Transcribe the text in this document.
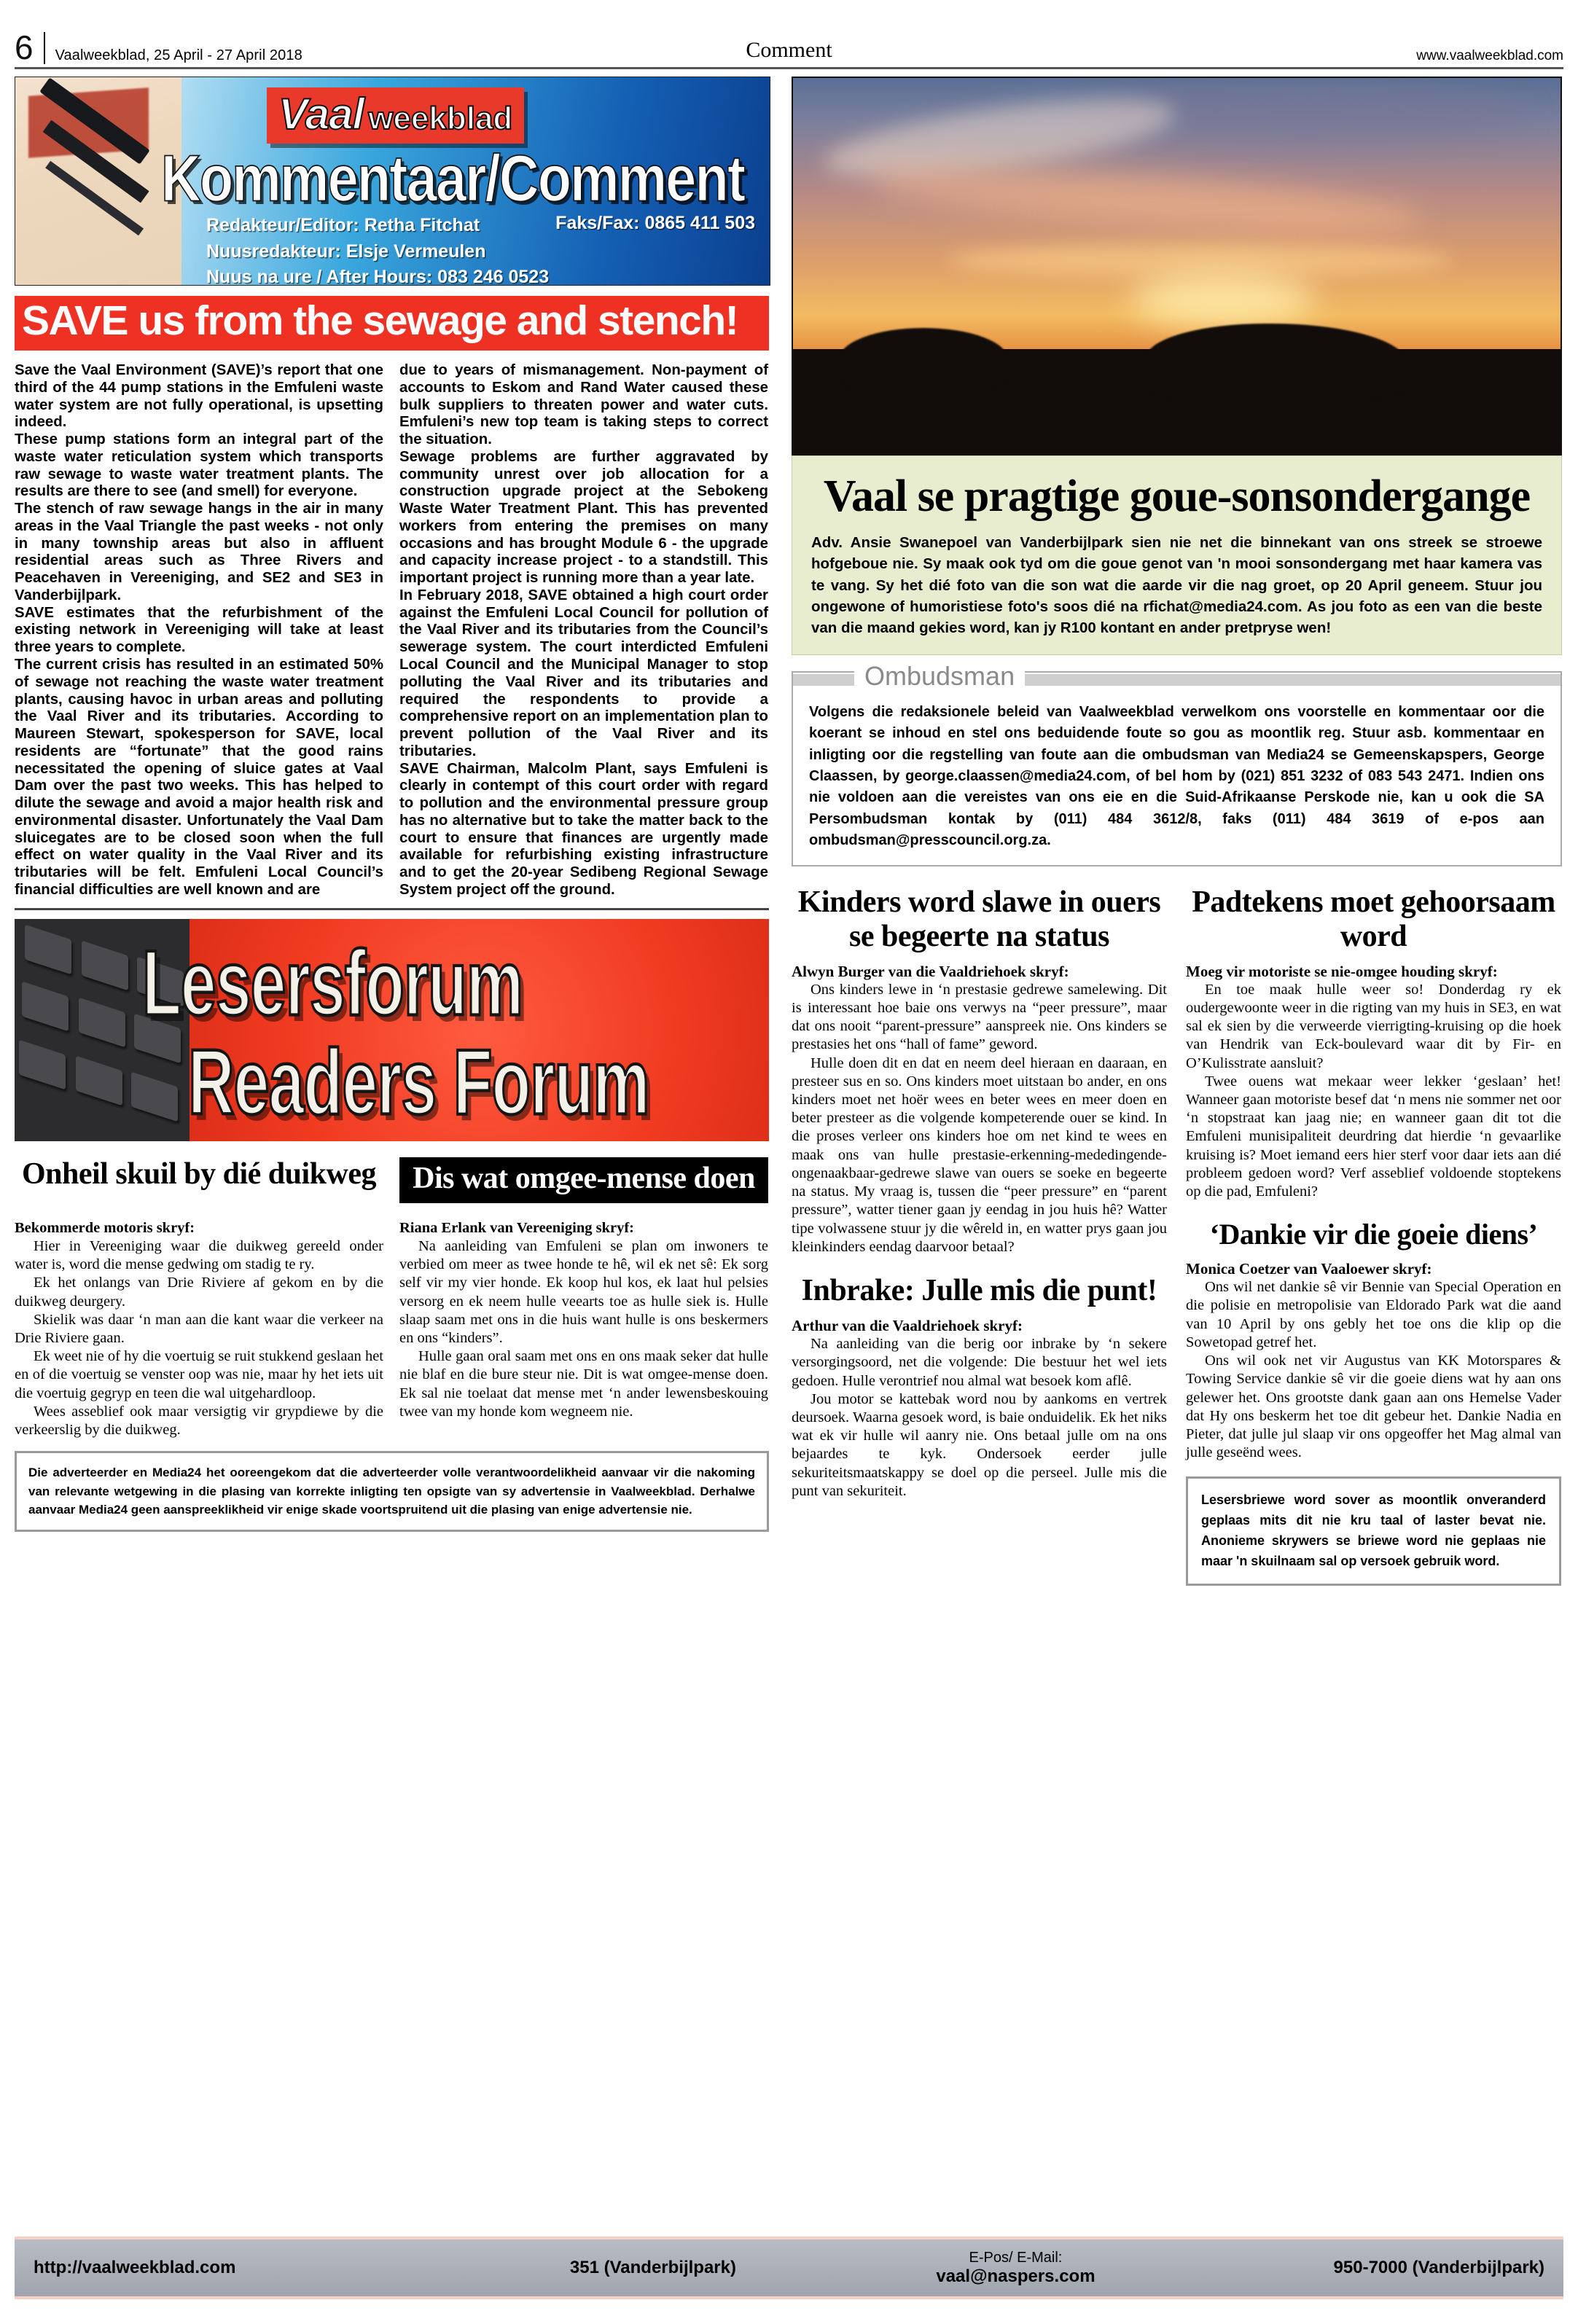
6	Vaalweekblad, 25 April - 27 April 2018	Comment	www.vaalweekblad.com
Vaal weekblad
Kommentaar/Comment
Redakteur/Editor: Retha Fitchat
Nuusredakteur: Elsje Vermeulen
Nuus na ure / After Hours: 083 246 0523
Faks/Fax: 0865 411 503
SAVE us from the sewage and stench!

Save the Vaal Environment (SAVE)’s report that one third of the 44 pump stations in the Emfuleni waste water system are not fully operational, is upsetting indeed.

These pump stations form an integral part of the waste water reticulation system which transports raw sewage to waste water treatment plants. The results are there to see (and smell) for everyone.

The stench of raw sewage hangs in the air in many areas in the Vaal Triangle the past weeks - not only in many township areas but also in affluent residential areas such as Three Rivers and Peacehaven in Vereeniging, and SE2 and SE3 in Vanderbijlpark.

SAVE estimates that the refurbishment of the existing network in Vereeniging will take at least three years to complete.

The current crisis has resulted in an estimated 50% of sewage not reaching the waste water treatment plants, causing havoc in urban areas and polluting the Vaal River and its tributaries. According to Maureen Stewart, spokesperson for SAVE, local residents are “fortunate” that the good rains necessitated the opening of sluice gates at Vaal Dam over the past two weeks. This has helped to dilute the sewage and avoid a major health risk and environmental disaster. Unfortunately the Vaal Dam sluicegates are to be closed soon when the full effect on water quality in the Vaal River and its tributaries will be felt. Emfuleni Local Council’s financial difficulties are well known and are

due to years of mismanagement. Non-payment of accounts to Eskom and Rand Water caused these bulk suppliers to threaten power and water cuts. Emfuleni’s new top team is taking steps to correct the situation.

Sewage problems are further aggravated by community unrest over job allocation for a construction upgrade project at the Sebokeng Waste Water Treatment Plant. This has prevented workers from entering the premises on many occasions and has brought Module 6 - the upgrade and capacity increase project - to a standstill. This important project is running more than a year late.

In February 2018, SAVE obtained a high court order against the Emfuleni Local Council for pollution of the Vaal River and its tributaries from the Council’s sewerage system. The court interdicted Emfuleni Local Council and the Municipal Manager to stop polluting the Vaal River and its tributaries and required the respondents to provide a comprehensive report on an implementation plan to prevent pollution of the Vaal River and its tributaries.

SAVE Chairman, Malcolm Plant, says Emfuleni is clearly in contempt of this court order with regard to pollution and the environmental pressure group has no alternative but to take the matter back to the court to ensure that finances are urgently made available for refurbishing existing infrastructure and to get the 20-year Sedibeng Regional Sewage System project off the ground.

Lesersforum
Readers Forum
Onheil skuil by dié duikweg	Dis wat omgee-mense doen

Bekommerde motoris skryf:

Hier in Vereeniging waar die duikweg gereeld onder water is, word die mense gedwing om stadig te ry.

Ek het onlangs van Drie Riviere af gekom en by die duikweg deurgery.

Skielik was daar ‘n man aan die kant waar die verkeer na Drie Riviere gaan.

Ek weet nie of hy die voertuig se ruit stukkend geslaan het en of die voertuig se venster oop was nie, maar hy het iets uit die voertuig gegryp en teen die wal uitgehardloop.

Wees asseblief ook maar versigtig vir grypdiewe by die verkeerslig by die duikweg.

Riana Erlank van Vereeniging skryf:

Na aanleiding van Emfuleni se plan om inwoners te verbied om meer as twee honde te hê, wil ek net sê: Ek sorg self vir my vier honde. Ek koop hul kos, ek laat hul pelsies versorg en ek neem hulle veearts toe as hulle siek is. Hulle slaap saam met ons in die huis want hulle is ons beskermers en ons “kinders”.

Hulle gaan oral saam met ons en ons maak seker dat hulle nie blaf en die bure steur nie. Dit is wat omgee-mense doen. Ek sal nie toelaat dat mense met ‘n ander lewensbeskouing twee van my honde kom wegneem nie.

Die adverteerder en Media24 het ooreengekom dat die adverteerder volle verantwoordelikheid aanvaar vir die nakoming van relevante wetgewing in die plasing van korrekte inligting ten opsigte van sy advertensie in Vaalweekblad. Derhalwe aanvaar Media24 geen aanspreeklikheid vir enige skade voortspruitend uit die plasing van enige advertensie nie.
Vaal se pragtige goue-sonsondergange

Adv. Ansie Swanepoel van Vanderbijlpark sien nie net die binnekant van ons streek se stroewe hofgeboue nie. Sy maak ook tyd om die goue genot van 'n mooi sonsondergang met haar kamera vas te vang. Sy het dié foto van die son wat die aarde vir die nag groet, op 20 April geneem. Stuur jou ongewone of humoristiese foto's soos dié na rfichat@media24.com. As jou foto as een van die beste van die maand gekies word, kan jy R100 kontant en ander pretpryse wen!

Ombudsman

Volgens die redaksionele beleid van Vaalweekblad verwelkom ons voorstelle en kommentaar oor die koerant se inhoud en stel ons beduidende foute so gou as moontlik reg. Stuur asb. kommentaar en inligting oor die regstelling van foute aan die ombudsman van Media24 se Gemeenskapspers, George Claassen, by george.claassen@media24.com, of bel hom by (021) 851 3232 of 083 543 2471. Indien ons nie voldoen aan die vereistes van ons eie en die Suid-Afrikaanse Perskode nie, kan u ook die SA Persombudsman kontak by (011) 484 3612/8, faks (011) 484 3619 of e-pos aan ombudsman@presscouncil.org.za.

Kinders word slawe in ouers se begeerte na status

Alwyn Burger van die Vaaldriehoek skryf:

Ons kinders lewe in ‘n prestasie gedrewe samelewing. Dit is interessant hoe baie ons verwys na “peer pressure”, maar dat ons nooit “parent-pressure” aanspreek nie. Ons kinders se prestasies het ons “hall of fame” geword.

Hulle doen dit en dat en neem deel hieraan en daaraan, en presteer sus en so. Ons kinders moet uitstaan bo ander, en ons kinders moet net hoër wees en beter wees en meer doen en beter presteer as die volgende kompeterende ouer se kind. In die proses verleer ons kinders hoe om net kind te wees en maak ons van hulle prestasie-erkenning-mededingende-ongenaakbaar-gedrewe slawe van ouers se soeke en begeerte na status. My vraag is, tussen die “peer pressure” en “parent pressure”, watter tiener gaan jy eendag in jou huis hê? Watter tipe volwassene stuur jy die wêreld in, en watter prys gaan jou kleinkinders eendag daarvoor betaal?

Inbrake: Julle mis die punt!

Arthur van die Vaaldriehoek skryf:

Na aanleiding van die berig oor inbrake by ‘n sekere versorgingsoord, net die volgende: Die bestuur het wel iets gedoen. Hulle verontrief nou almal wat besoek kom aflê.

Jou motor se kattebak word nou by aankoms en vertrek deursoek. Waarna gesoek word, is baie onduidelik. Ek het niks wat ek vir hulle wil aanry nie. Ons betaal julle om na ons bejaardes te kyk. Ondersoek eerder julle sekuriteitsmaatskappy se doel op die perseel. Julle mis die punt van sekuriteit.

Padtekens moet gehoorsaam word

Moeg vir motoriste se nie-omgee houding skryf:

En toe maak hulle weer so! Donderdag ry ek oudergewoonte weer in die rigting van my huis in SE3, en wat sal ek sien by die verweerde vierrigting-kruising op die hoek van Hendrik van Eck-boulevard waar dit by Fir- en O’Kulisstrate aansluit?

Twee ouens wat mekaar weer lekker ‘geslaan’ het! Wanneer gaan motoriste besef dat ‘n mens nie sommer net oor ‘n stopstraat kan jaag nie; en wanneer gaan dit tot die Emfuleni munisipaliteit deurdring dat hierdie ‘n gevaarlike kruising is? Moet iemand eers hier sterf voor daar iets aan dié probleem gedoen word? Verf asseblief voldoende stoptekens op die pad, Emfuleni?

‘Dankie vir die goeie diens’

Monica Coetzer van Vaaloewer skryf:

Ons wil net dankie sê vir Bennie van Special Operation en die polisie en metropolisie van Eldorado Park wat die aand van 10 April by ons gebly het toe ons die klip op die Sowetopad getref het.

Ons wil ook net vir Augustus van KK Motorspares & Towing Service dankie sê vir die goeie diens wat hy aan ons gelewer het. Ons grootste dank gaan aan ons Hemelse Vader dat Hy ons beskerm het toe dit gebeur het. Dankie Nadia en Pieter, dat julle jul slaap vir ons opgeoffer het Mag almal van julle geseënd wees.

Lesersbriewe word sover as moontlik onveranderd geplaas mits dit nie kru taal of laster bevat nie. Anonieme skrywers se briewe word nie geplaas nie maar 'n skuilnaam sal op versoek gebruik word.
http://vaalweekblad.com	351 (Vanderbijlpark)
E-Pos/ E-Mail:
vaal@naspers.com	950-7000 (Vanderbijlpark)
